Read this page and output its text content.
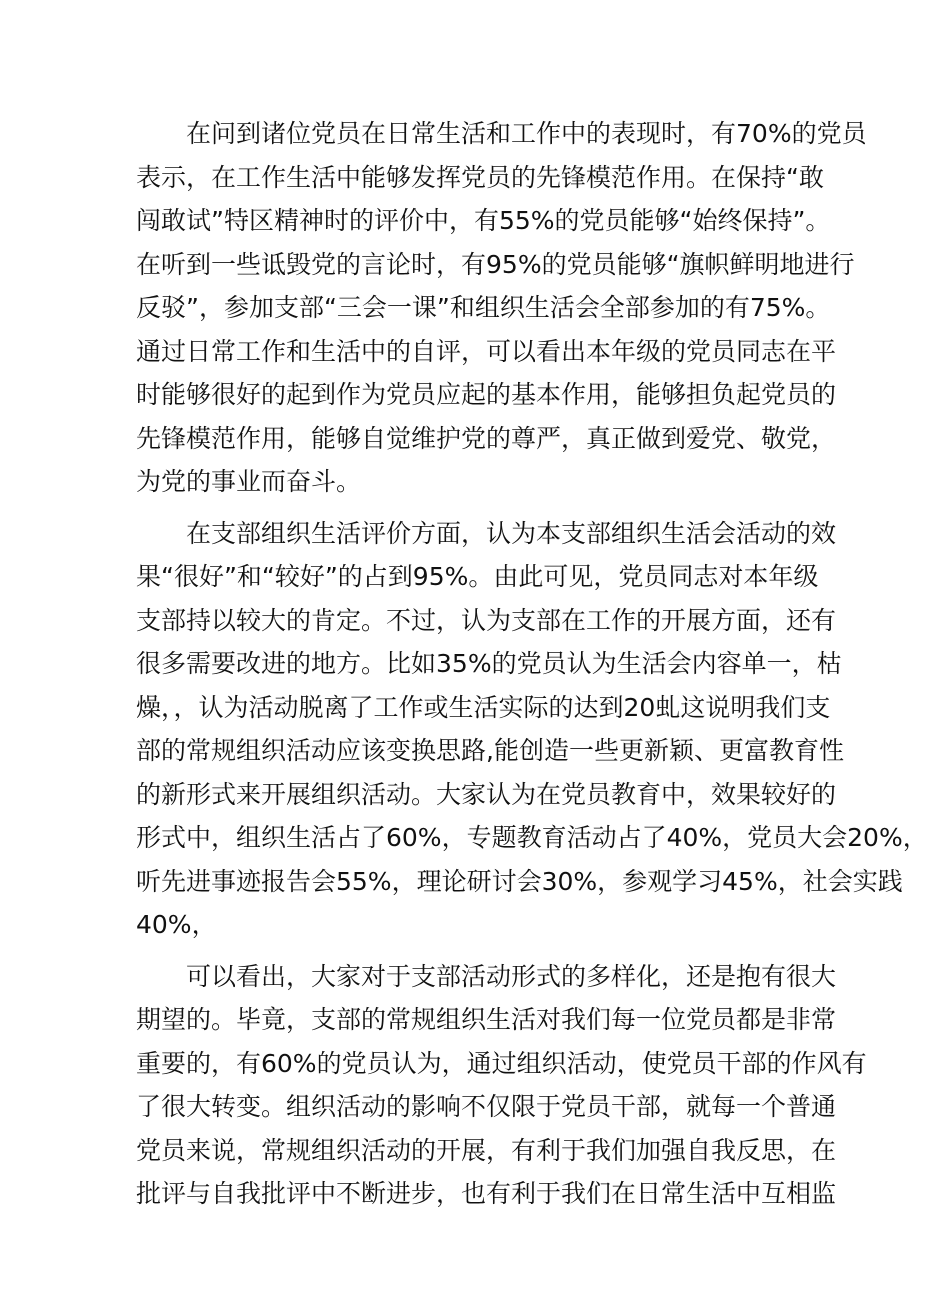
在问到诸位党员在日常生活和工作中的表现时，有70%的党员
表示，在工作生活中能够发挥党员的先锋模范作用。在保持“敢
闯敢试”特区精神时的评价中，有55%的党员能够“始终保持”。
在听到一些诋毁党的言论时，有95%的党员能够“旗帜鲜明地进行
反驳”，参加支部“三会一课”和组织生活会全部参加的有75%。
通过日常工作和生活中的自评，可以看出本年级的党员同志在平
时能够很好的起到作为党员应起的基本作用，能够担负起党员的
先锋模范作用，能够自觉维护党的尊严，真正做到爱党、敬党，
为党的事业而奋斗。
在支部组织生活评价方面，认为本支部组织生活会活动的效
果“很好”和“较好”的占到95%。由此可见，党员同志对本年级
支部持以较大的肯定。不过，认为支部在工作的开展方面，还有
很多需要改进的地方。比如35%的党员认为生活会内容单一，枯
燥，，认为活动脱离了工作或生活实际的达到20虬这说明我们支
部的常规组织活动应该变换思路,能创造一些更新颖、更富教育性
的新形式来开展组织活动。大家认为在党员教育中，效果较好的
形式中，组织生活占了60%，专题教育活动占了40%，党员大会20%，
听先进事迹报告会55%，理论研讨会30%，参观学习45%，社会实践
40%，
可以看出，大家对于支部活动形式的多样化，还是抱有很大
期望的。毕竟，支部的常规组织生活对我们每一位党员都是非常
重要的，有60%的党员认为，通过组织活动，使党员干部的作风有
了很大转变。组织活动的影响不仅限于党员干部，就每一个普通
党员来说，常规组织活动的开展，有利于我们加强自我反思，在
批评与自我批评中不断进步，也有利于我们在日常生活中互相监
